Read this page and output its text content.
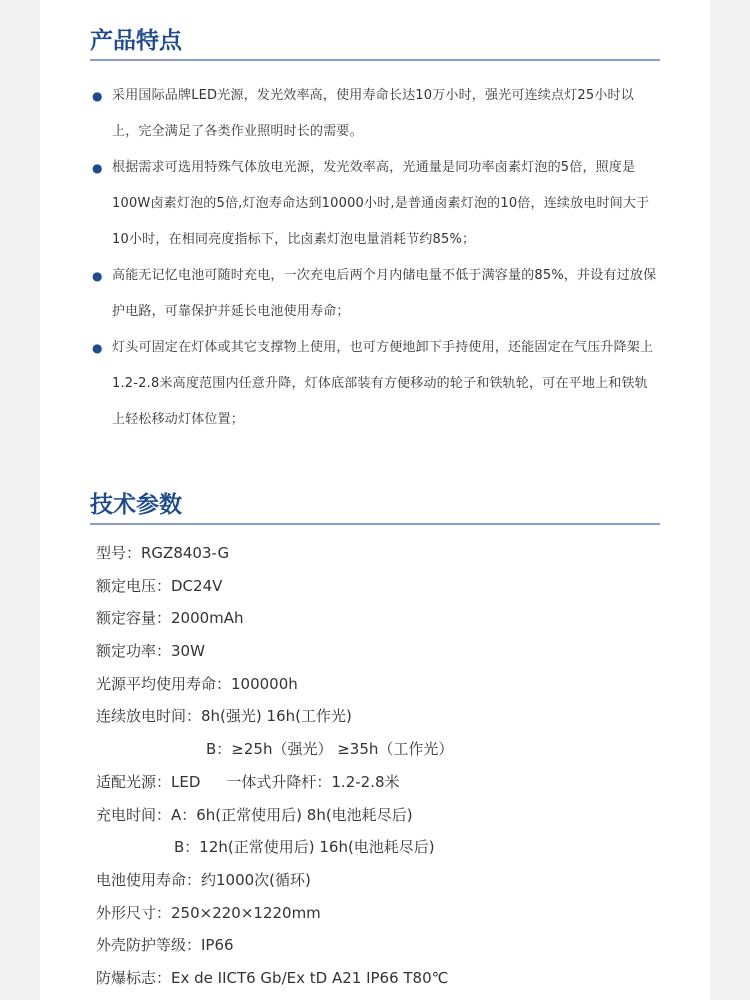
产品特点
● 采用国际品牌LED光源，发光效率高，使用寿命长达10万小时，强光可连续点灯25小时以上，完全满足了各类作业照明时长的需要。
● 根据需求可选用特殊气体放电光源，发光效率高，光通量是同功率卤素灯泡的5倍，照度是100W卤素灯泡的5倍,灯泡寿命达到10000小时,是普通卤素灯泡的10倍，连续放电时间大于10小时，在相同亮度指标下，比卤素灯泡电量消耗节约85%；
● 高能无记忆电池可随时充电，一次充电后两个月内储电量不低于满容量的85%，并设有过放保护电路，可靠保护并延长电池使用寿命；
● 灯头可固定在灯体或其它支撑物上使用，也可方便地卸下手持使用，还能固定在气压升降架上1.2-2.8米高度范围内任意升降，灯体底部装有方便移动的轮子和铁轨轮，可在平地上和铁轨上轻松移动灯体位置；
技术参数
型号：RGZ8403-G
额定电压：DC24V
额定容量：2000mAh
额定功率：30W
光源平均使用寿命：100000h
连续放电时间：8h(强光) 16h(工作光)
B：≥25h（强光） ≥35h（工作光）
适配光源：LED 一体式升降杆：1.2-2.8米
充电时间：A：6h(正常使用后) 8h(电池耗尽后)
B：12h(正常使用后) 16h(电池耗尽后)
电池使用寿命：约1000次(循环)
外形尺寸：250×220×1220mm
外壳防护等级：IP66
防爆标志：Ex de IICT6 Gb/Ex tD A21 IP66 T80℃
